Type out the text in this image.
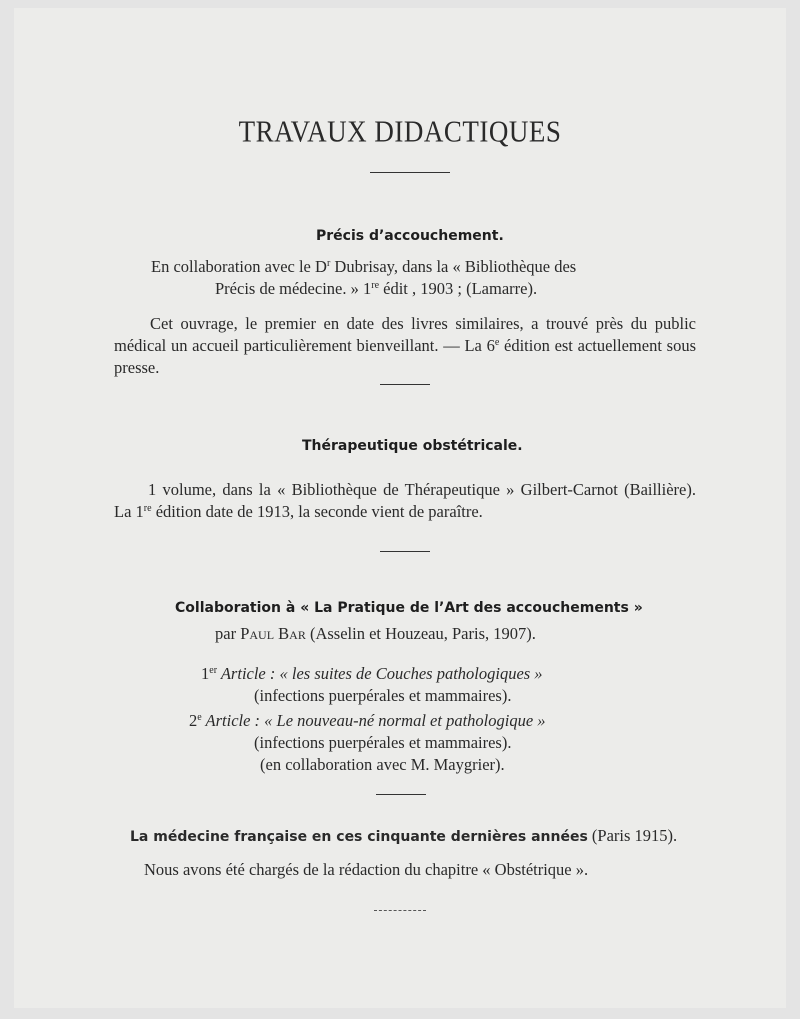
TRAVAUX DIDACTIQUES
Précis d’accouchement.
En collaboration avec le $D^r$ Dubrisay, dans la « Bibliothèque des
Précis de médecine. » 1re édit , 1903 ; (Lamarre).
Cet ouvrage, le premier en date des livres similaires, a trouvé près du public médical un accueil particulièrement bienveillant. — La 6e édition est actuellement sous presse.
Thérapeutique obstétricale.
1 volume, dans la « Bibliothèque de Thérapeutique » Gilbert-Carnot (Baillière). La 1re édition date de 1913, la seconde vient de paraître.
Collaboration à « La Pratique de l’Art des accouchements »
par Paul Bar (Asselin et Houzeau, Paris, 1907).
1er Article : « les suites de Couches pathologiques »
(infections puerpérales et mammaires).
2e Article : « Le nouveau-né normal et pathologique »
(infections puerpérales et mammaires).
(en collaboration avec M. Maygrier).
La médecine française en ces cinquante dernières années (Paris 1915).
Nous avons été chargés de la rédaction du chapitre « Obstétrique ».
